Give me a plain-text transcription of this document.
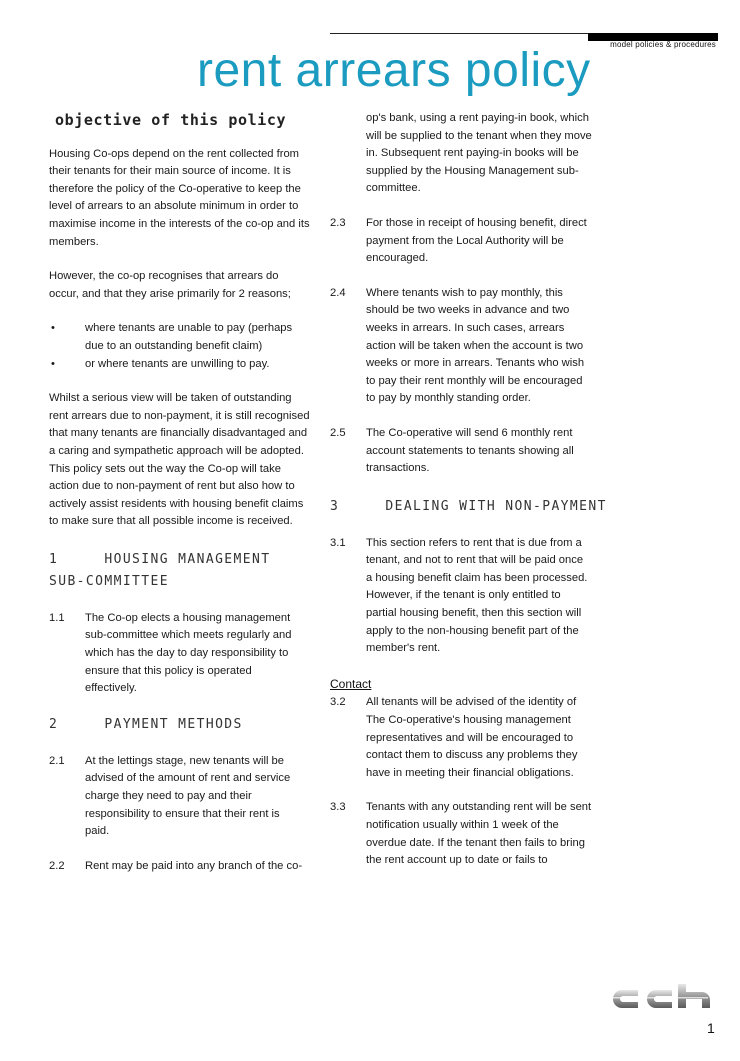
model policies & procedures
rent arrears policy
objective of this policy

Housing Co-ops depend on the rent collected from their tenants for their main source of income. It is therefore the policy of the Co-operative to keep the level of arrears to an absolute minimum in order to maximise income in the interests of the co-op and its members.

However, the co-op recognises that arrears do occur, and that they arise primarily for 2 reasons;

•	where tenants are unable to pay (perhaps due to an outstanding benefit claim)
•	or where tenants are unwilling to pay.

Whilst a serious view will be taken of outstanding rent arrears due to non-payment, it is still recognised that many tenants are financially disadvantaged and a caring and sympathetic approach will be adopted. This policy sets out the way the Co-op will take action due to non-payment of rent but also how to actively assist residents with housing benefit claims to make sure that all possible income is received.

1     HOUSING MANAGEMENT SUB-COMMITTEE
1.1 The Co-op elects a housing management sub-committee which meets regularly and which has the day to day responsibility to ensure that this policy is operated effectively.
2     PAYMENT METHODS
2.1 At the lettings stage, new tenants will be advised of the amount of rent and service charge they need to pay and their responsibility to ensure that their rent is paid.
2.2 Rent may be paid into any branch of the co-

op's bank, using a rent paying-in book, which will be supplied to the tenant when they move in. Subsequent rent paying-in books will be supplied by the Housing Management sub-committee.

2.3 For those in receipt of housing benefit, direct payment from the Local Authority will be encouraged.
2.4 Where tenants wish to pay monthly, this should be two weeks in advance and two weeks in arrears. In such cases, arrears action will be taken when the account is two weeks or more in arrears. Tenants who wish to pay their rent monthly will be encouraged to pay by monthly standing order.
2.5 The Co-operative will send 6 monthly rent account statements to tenants showing all transactions.
3     DEALING WITH NON-PAYMENT
3.1 This section refers to rent that is due from a tenant, and not to rent that will be paid once a housing benefit claim has been processed. However, if the tenant is only entitled to partial housing benefit, then this section will apply to the non-housing benefit part of the member's rent.
Contact
3.2 All tenants will be advised of the identity of The Co-operative's housing management representatives and will be encouraged to contact them to discuss any problems they have in meeting their financial obligations.
3.3 Tenants with any outstanding rent will be sent notification usually within 1 week of the overdue date. If the tenant then fails to bring the rent account up to date or fails to
cch
1
